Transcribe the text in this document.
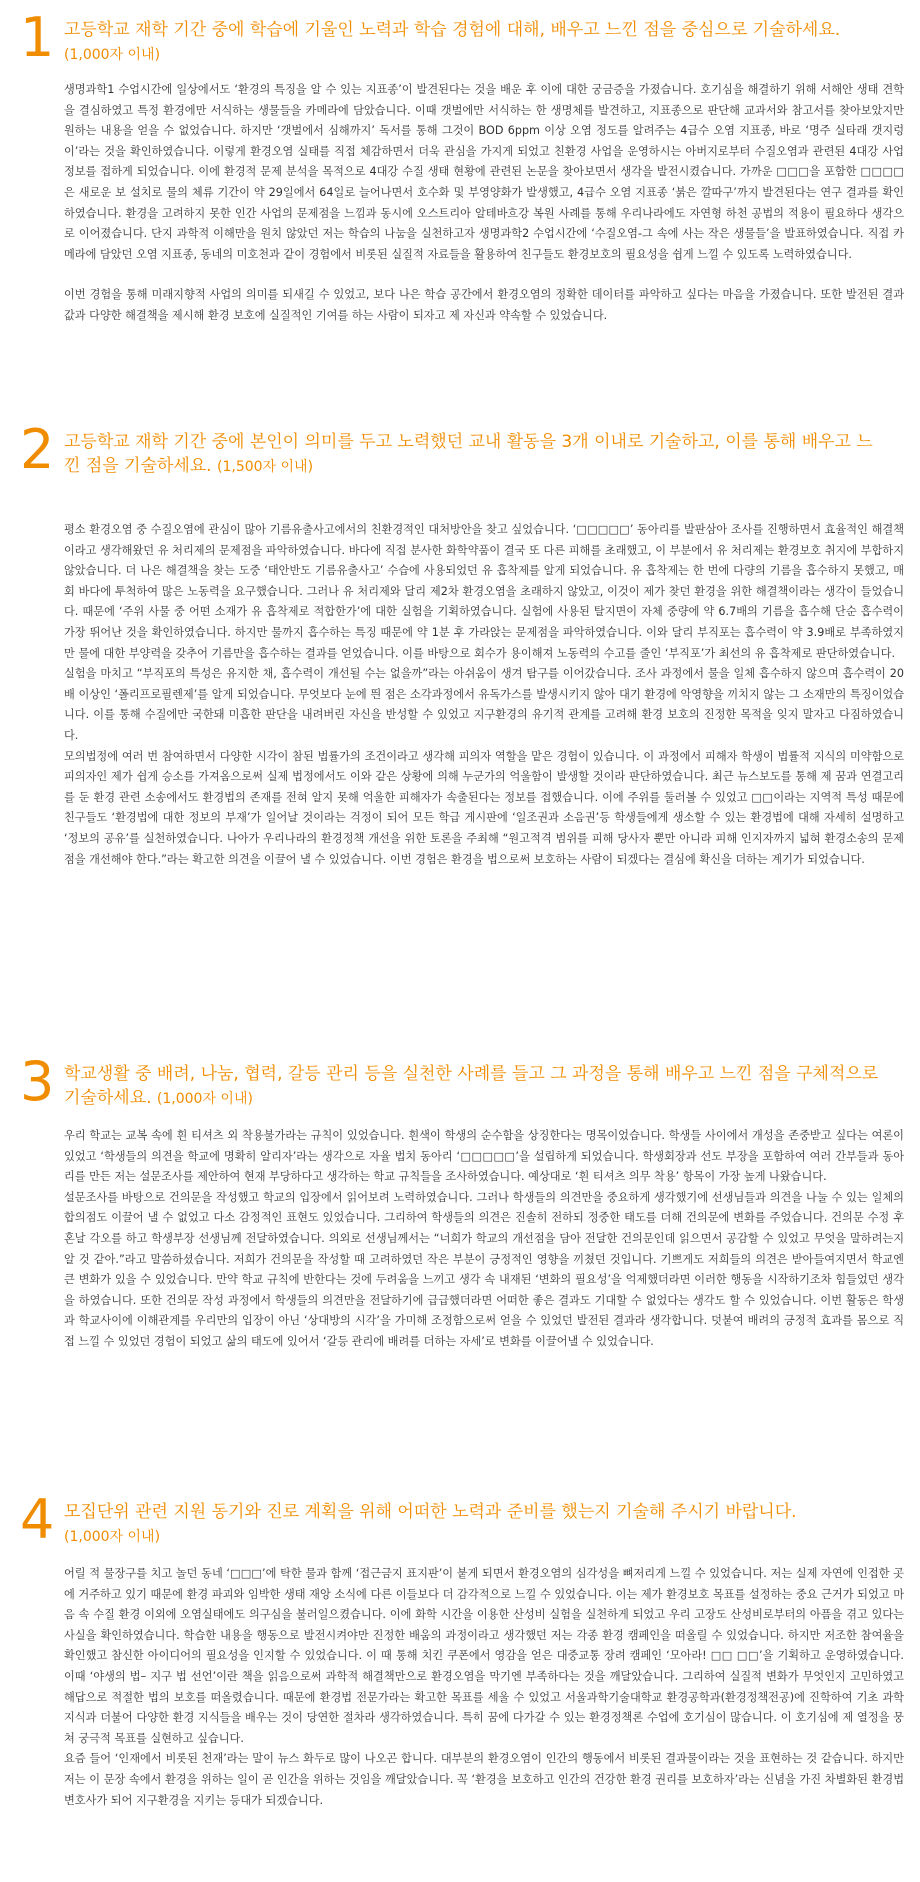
1 고등학교 재학 기간 중에 학습에 기울인 노력과 학습 경험에 대해, 배우고 느낀 점을 중심으로 기술하세요.
(1,000자 이내)

생명과학1 수업시간에 일상에서도 ‘환경의 특징을 알 수 있는 지표종’이 발견된다는 것을 배운 후 이에 대한 궁금증을 가졌습니다. 호기심을 해결하기 위해 서해안 생태 견학을 결심하였고 특정 환경에만 서식하는 생물들을 카메라에 담았습니다. 이때 갯벌에만 서식하는 한 생명체를 발견하고, 지표종으로 판단해 교과서와 참고서를 찾아보았지만 원하는 내용을 얻을 수 없었습니다. 하지만 ‘갯벌에서 심해까지’ 독서를 통해 그것이 BOD 6ppm 이상 오염 정도를 알려주는 4급수 오염 지표종, 바로 ‘명주 실타래 갯지렁이’라는 것을 확인하였습니다. 이렇게 환경오염 실태를 직접 체감하면서 더욱 관심을 가지게 되었고 친환경 사업을 운영하시는 아버지로부터 수질오염과 관련된 4대강 사업 정보를 접하게 되었습니다. 이에 환경적 문제 분석을 목적으로 4대강 수질 생태 현황에 관련된 논문을 찾아보면서 생각을 발전시켰습니다. 가까운 □□□을 포함한 □□□□은 새로운 보 설치로 물의 체류 기간이 약 29일에서 64일로 늘어나면서 호수화 및 부영양화가 발생했고, 4급수 오염 지표종 ‘붉은 깔따구’까지 발견된다는 연구 결과를 확인하였습니다. 환경을 고려하지 못한 인간 사업의 문제점을 느낌과 동시에 오스트리아 알테바흐강 복원 사례를 통해 우리나라에도 자연형 하천 공법의 적용이 필요하다 생각으로 이어졌습니다. 단지 과학적 이해만을 원치 않았던 저는 학습의 나눔을 실천하고자 생명과학2 수업시간에 ‘수질오염-그 속에 사는 작은 생물들’을 발표하였습니다. 직접 카메라에 담았던 오염 지표종, 동네의 미호천과 같이 경험에서 비롯된 실질적 자료들을 활용하여 친구들도 환경보호의 필요성을 쉽게 느낄 수 있도록 노력하였습니다.

이번 경험을 통해 미래지향적 사업의 의미를 되새길 수 있었고, 보다 나은 학습 공간에서 환경오염의 정확한 데이터를 파악하고 싶다는 마음을 가졌습니다. 또한 발전된 결과 값과 다양한 해결책을 제시해 환경 보호에 실질적인 기여를 하는 사람이 되자고 제 자신과 약속할 수 있었습니다.

2 고등학교 재학 기간 중에 본인이 의미를 두고 노력했던 교내 활동을 3개 이내로 기술하고, 이를 통해 배우고 느낀 점을 기술하세요. (1,500자 이내)

평소 환경오염 중 수질오염에 관심이 많아 기름유출사고에서의 친환경적인 대처방안을 찾고 싶었습니다. ‘□□□□□’ 동아리를 발판삼아 조사를 진행하면서 효율적인 해결책이라고 생각해왔던 유 처리제의 문제점을 파악하였습니다. 바다에 직접 분사한 화학약품이 결국 또 다른 피해를 초래했고, 이 부분에서 유 처리제는 환경보호 취지에 부합하지 않았습니다. 더 나은 해결책을 찾는 도중 ‘태안반도 기름유출사고’ 수습에 사용되었던 유 흡착제를 알게 되었습니다. 유 흡착제는 한 번에 다량의 기름을 흡수하지 못했고, 매 회 바다에 투척하여 많은 노동력을 요구했습니다. 그러나 유 처리제와 달리 제2차 환경오염을 초래하지 않았고, 이것이 제가 찾던 환경을 위한 해결책이라는 생각이 들었습니다. 때문에 ‘주위 사물 중 어떤 소재가 유 흡착제로 적합한가’에 대한 실험을 기획하였습니다. 실험에 사용된 탈지면이 자체 중량에 약 6.7배의 기름을 흡수해 단순 흡수력이 가장 뛰어난 것을 확인하였습니다. 하지만 물까지 흡수하는 특징 때문에 약 1분 후 가라앉는 문제점을 파악하였습니다. 이와 달리 부직포는 흡수력이 약 3.9배로 부족하였지만 물에 대한 부양력을 갖추어 기름만을 흡수하는 결과를 얻었습니다. 이를 바탕으로 회수가 용이해져 노동력의 수고를 줄인 ‘부직포’가 최선의 유 흡착제로 판단하였습니다.

실험을 마치고 “부직포의 특성은 유지한 채, 흡수력이 개선될 수는 없을까”라는 아쉬움이 생겨 탐구를 이어갔습니다. 조사 과정에서 물을 일체 흡수하지 않으며 흡수력이 20배 이상인 ‘폴리프로필렌제’를 알게 되었습니다. 무엇보다 눈에 띈 점은 소각과정에서 유독가스를 발생시키지 않아 대기 환경에 악영향을 끼치지 않는 그 소재만의 특징이었습니다. 이를 통해 수질에만 국한돼 미흡한 판단을 내려버린 자신을 반성할 수 있었고 지구환경의 유기적 관계를 고려해 환경 보호의 진정한 목적을 잊지 말자고 다짐하였습니다.

모의법정에 여러 번 참여하면서 다양한 시각이 참된 법률가의 조건이라고 생각해 피의자 역할을 맡은 경험이 있습니다. 이 과정에서 피해자 학생이 법률적 지식의 미약함으로 피의자인 제가 쉽게 승소를 가져옴으로써 실제 법정에서도 이와 같은 상황에 의해 누군가의 억울함이 발생할 것이라 판단하였습니다. 최근 뉴스보도를 통해 제 꿈과 연결고리를 둔 환경 관련 소송에서도 환경법의 존재를 전혀 알지 못해 억울한 피해자가 속출된다는 정보를 접했습니다. 이에 주위를 둘러볼 수 있었고 □□이라는 지역적 특성 때문에 친구들도 ‘환경법에 대한 정보의 부재’가 일어날 것이라는 걱정이 되어 모든 학급 게시판에 ‘일조권과 소음권’등 학생들에게 생소할 수 있는 환경법에 대해 자세히 설명하고 ‘정보의 공유’를 실천하였습니다. 나아가 우리나라의 환경정책 개선을 위한 토론을 주최해 “원고적격 범위를 피해 당사자 뿐만 아니라 피해 인지자까지 넓혀 환경소송의 문제점을 개선해야 한다.”라는 확고한 의견을 이끌어 낼 수 있었습니다. 이번 경험은 환경을 법으로써 보호하는 사람이 되겠다는 결심에 확신을 더하는 계기가 되었습니다.

3 학교생활 중 배려, 나눔, 협력, 갈등 관리 등을 실천한 사례를 들고 그 과정을 통해 배우고 느낀 점을 구체적으로 기술하세요. (1,000자 이내)

우리 학교는 교복 속에 흰 티셔츠 외 착용불가라는 규칙이 있었습니다. 흰색이 학생의 순수함을 상징한다는 명목이었습니다. 학생들 사이에서 개성을 존중받고 싶다는 여론이 있었고 ‘학생들의 의견을 학교에 명확히 알리자’라는 생각으로 자율 법치 동아리 ‘□□□□□’을 설립하게 되었습니다. 학생회장과 선도 부장을 포함하여 여러 간부들과 동아리를 만든 저는 설문조사를 제안하여 현재 부당하다고 생각하는 학교 규칙들을 조사하였습니다. 예상대로 ‘흰 티셔츠 의무 착용’ 항목이 가장 높게 나왔습니다.

설문조사를 바탕으로 건의문을 작성했고 학교의 입장에서 읽어보려 노력하였습니다. 그러나 학생들의 의견만을 중요하게 생각했기에 선생님들과 의견을 나눌 수 있는 일체의 합의점도 이끌어 낼 수 없었고 다소 감정적인 표현도 있었습니다. 그리하여 학생들의 의견은 진솔히 전하되 정중한 태도를 더해 건의문에 변화를 주었습니다. 건의문 수정 후 혼날 각오를 하고 학생부장 선생님께 전달하였습니다. 의외로 선생님께서는 “너희가 학교의 개선점을 담아 전달한 건의문인데 읽으면서 공감할 수 있었고 무엇을 말하려는지 알 것 같아.”라고 말씀하셨습니다. 저희가 건의문을 작성할 때 고려하였던 작은 부분이 긍정적인 영향을 끼쳤던 것입니다. 기쁘게도 저희들의 의견은 받아들여지면서 학교엔 큰 변화가 있을 수 있었습니다. 만약 학교 규칙에 반한다는 것에 두려움을 느끼고 생각 속 내재된 ‘변화의 필요성’을 억제했더라면 이러한 행동을 시작하기조차 힘들었던 생각을 하였습니다. 또한 건의문 작성 과정에서 학생들의 의견만을 전달하기에 급급했더라면 어떠한 좋은 결과도 기대할 수 없었다는 생각도 할 수 있었습니다. 이번 활동은 학생과 학교사이에 이해관계를 우리만의 입장이 아닌 ‘상대방의 시각’을 가미해 조정함으로써 얻을 수 있었던 발전된 결과라 생각합니다. 덧붙여 배려의 긍정적 효과를 몸으로 직접 느낄 수 있었던 경험이 되었고 삶의 태도에 있어서 ‘갈등 관리에 배려를 더하는 자세’로 변화를 이끌어낼 수 있었습니다.

4 모집단위 관련 지원 동기와 진로 계획을 위해 어떠한 노력과 준비를 했는지 기술해 주시기 바랍니다.
(1,000자 이내)

어릴 적 물장구를 치고 놀던 동네 ‘□□□’에 탁한 물과 함께 ‘접근금지 표지판’이 붙게 되면서 환경오염의 심각성을 뼈저리게 느낄 수 있었습니다. 저는 실제 자연에 인접한 곳에 거주하고 있기 때문에 환경 파괴와 임박한 생태 재앙 소식에 다른 이들보다 더 감각적으로 느낄 수 있었습니다. 이는 제가 환경보호 목표를 설정하는 중요 근거가 되었고 마음 속 수질 환경 이외에 오염실태에도 의구심을 불러일으켰습니다. 이에 화학 시간을 이용한 산성비 실험을 실천하게 되었고 우리 고장도 산성비로부터의 아픔을 겪고 있다는 사실을 확인하였습니다. 학습한 내용을 행동으로 발전시켜야만 진정한 배움의 과정이라고 생각했던 저는 각종 환경 캠페인을 떠올릴 수 있었습니다. 하지만 저조한 참여율을 확인했고 참신한 아이디어의 필요성을 인지할 수 있었습니다. 이 때 통해 치킨 쿠폰에서 영감을 얻은 대중교통 장려 캠페인 ‘모아라! □□ □□’을 기획하고 운영하였습니다. 이때 ‘야생의 법– 지구 법 선언’이란 책을 읽음으로써 과학적 해결책만으로 환경오염을 막기엔 부족하다는 것을 깨달았습니다. 그리하여 실질적 변화가 무엇인지 고민하였고 해답으로 적절한 법의 보호를 떠올렸습니다. 때문에 환경법 전문가라는 확고한 목표를 세울 수 있었고 서울과학기술대학교 환경공학과(환경정책전공)에 진학하여 기초 과학 지식과 더불어 다양한 환경 지식들을 배우는 것이 당연한 절차라 생각하였습니다. 특히 꿈에 다가갈 수 있는 환경정책론 수업에 호기심이 많습니다. 이 호기심에 제 열정을 뭉쳐 궁극적 목표를 실현하고 싶습니다.

요즘 들어 ‘인재에서 비롯된 천재’라는 말이 뉴스 화두로 많이 나오곤 합니다. 대부분의 환경오염이 인간의 행동에서 비롯된 결과물이라는 것을 표현하는 것 같습니다. 하지만 저는 이 문장 속에서 환경을 위하는 일이 곧 인간을 위하는 것임을 깨달았습니다. 꼭 ‘환경을 보호하고 인간의 건강한 환경 권리를 보호하자’라는 신념을 가진 차별화된 환경법 변호사가 되어 지구환경을 지키는 등대가 되겠습니다.
